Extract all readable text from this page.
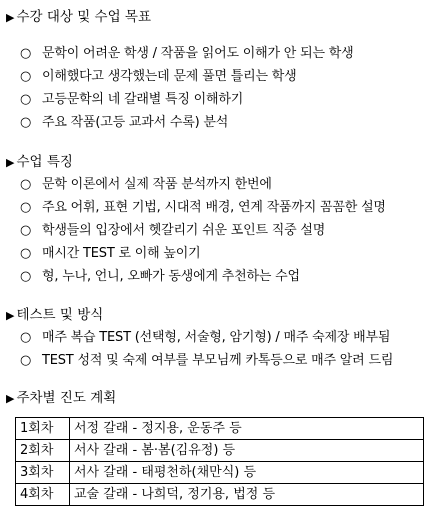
▶ 수강 대상 및 수업 목표
○ 문학이 어려운 학생 / 작품을 읽어도 이해가 안 되는 학생
○ 이해했다고 생각했는데 문제 풀면 틀리는 학생
○ 고등문학의 네 갈래별 특징 이해하기
○ 주요 작품(고등 교과서 수록) 분석
▶ 수업 특징
○ 문학 이론에서 실제 작품 분석까지 한번에
○ 주요 어휘, 표현 기법, 시대적 배경, 연계 작품까지 꼼꼼한 설명
○ 학생들의 입장에서 헷갈리기 쉬운 포인트 직중 설명
○ 매시간 TEST 로 이해 높이기
○ 형, 누나, 언니, 오빠가 동생에게 추천하는 수업
▶ 테스트 및 방식
○ 매주 복습 TEST (선택형, 서술형, 암기형) / 매주 숙제장 배부됨
○ TEST 성적 및 숙제 여부를 부모님께 카톡등으로 매주 알려 드림
▶ 주차별 진도 계획
1회차	서정 갈래 - 정지용, 운동주 등
2회차	서사 갈래 - 봄·봄(김유정) 등
3회차	서사 갈래 - 태평천하(채만식) 등
4회차	교술 갈래 - 나희덕, 정기용, 법정 등
